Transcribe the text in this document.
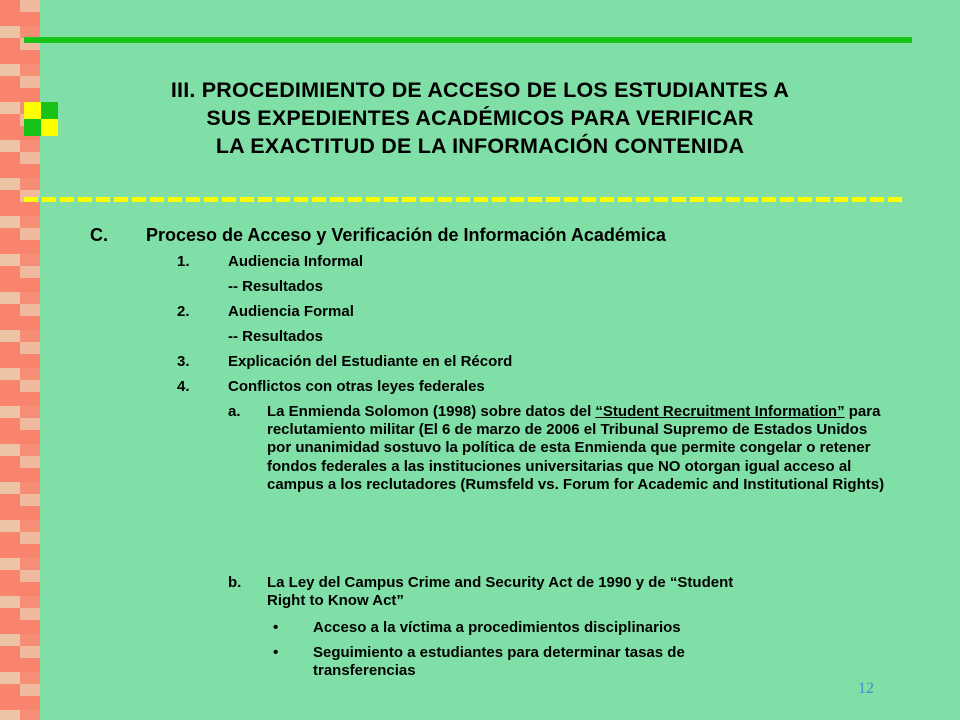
III. PROCEDIMIENTO DE ACCESO DE LOS ESTUDIANTES A
SUS EXPEDIENTES ACADÉMICOS PARA VERIFICAR
LA EXACTITUD DE LA INFORMACIÓN CONTENIDA
C. Proceso de Acceso y Verificación de Información Académica
1.	Audiencia Informal
-- Resultados
2.	Audiencia Formal
-- Resultados
3.	Explicación del Estudiante en el Récord
4.	Conflictos con otras leyes federales
a. La Enmienda Solomon (1998) sobre datos del “Student Recruitment Information” para reclutamiento militar (El 6 de marzo de 2006 el Tribunal Supremo de Estados Unidos por unanimidad sostuvo la política de esta Enmienda que permite congelar o retener fondos federales a las instituciones universitarias que NO otorgan igual acceso al campus a los reclutadores (Rumsfeld vs. Forum for Academic and Institutional Rights)
b. La Ley del Campus Crime and Security Act de 1990 y de “Student
Right to Know Act”
• Acceso a la víctima a procedimientos disciplinarios
• Seguimiento a estudiantes para determinar tasas de
transferencias
12
